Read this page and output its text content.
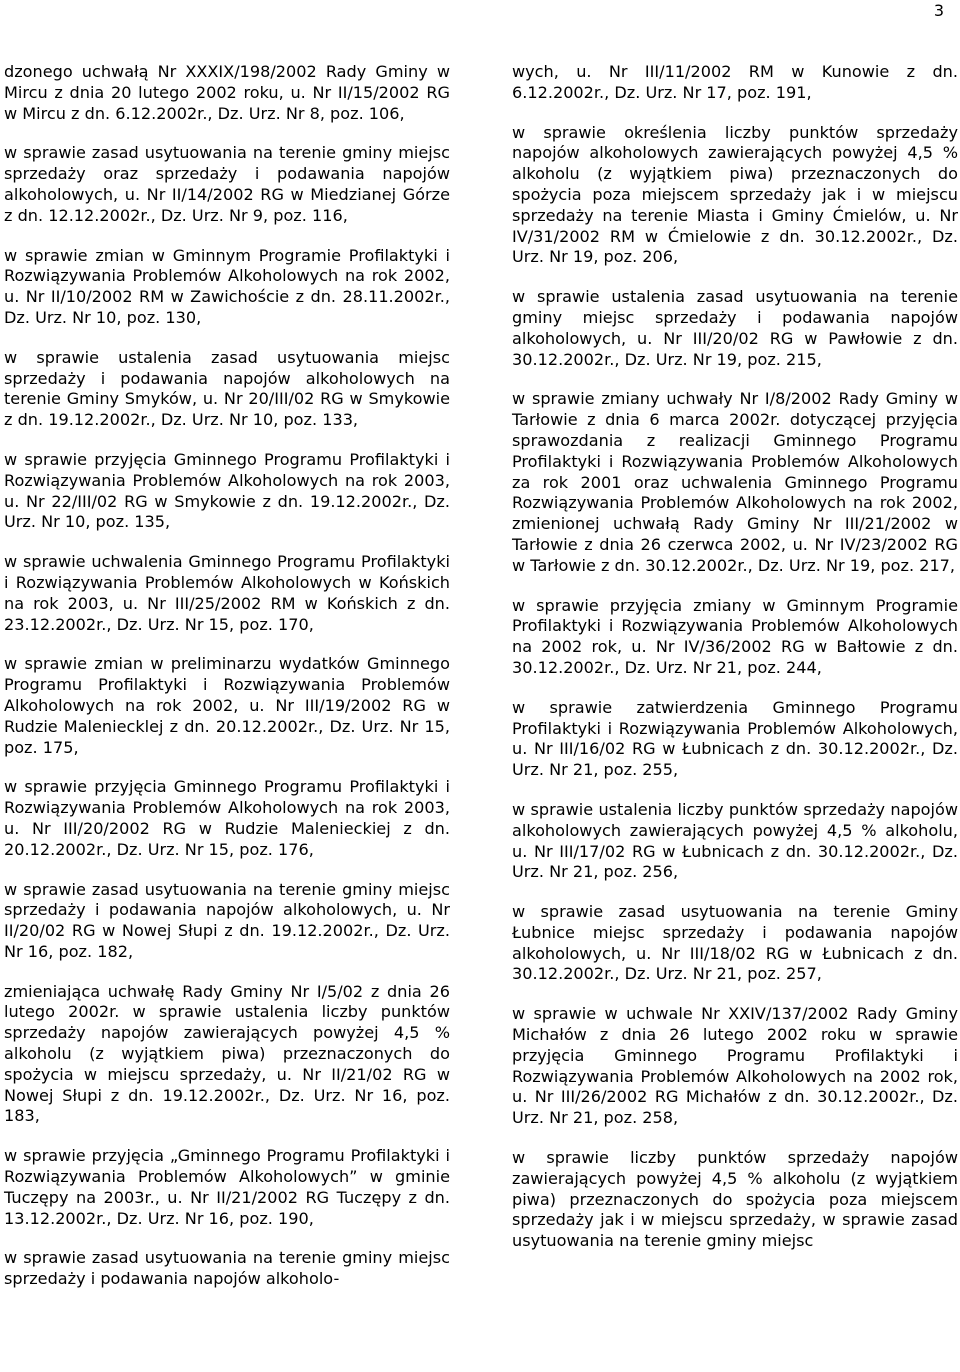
3

dzonego uchwałą Nr XXXIX/198/2002 Rady Gminy w Mircu z dnia 20 lutego 2002 roku, u. Nr II/15/2002 RG w Mircu z dn. 6.12.2002r., Dz. Urz. Nr 8, poz. 106,

w sprawie zasad usytuowania na terenie gminy miejsc sprzedaży oraz sprzedaży i podawania napojów alkoholowych, u. Nr II/14/2002 RG w Miedzianej Górze z dn. 12.12.2002r., Dz. Urz. Nr 9, poz. 116,

w sprawie zmian w Gminnym Programie Profilaktyki i Rozwiązywania Problemów Alkoholowych na rok 2002, u. Nr II/10/2002 RM w Zawichoście z dn. 28.11.2002r., Dz. Urz. Nr 10, poz. 130,

w sprawie ustalenia zasad usytuowania miejsc sprzedaży i podawania napojów alkoholowych na terenie Gminy Smyków, u. Nr 20/III/02 RG w Smykowie z dn. 19.12.2002r., Dz. Urz. Nr 10, poz. 133,

w sprawie przyjęcia Gminnego Programu Profilaktyki i Rozwiązywania Problemów Alkoholowych na rok 2003, u. Nr 22/III/02 RG w Smykowie z dn. 19.12.2002r., Dz. Urz. Nr 10, poz. 135,

w sprawie uchwalenia Gminnego Programu Profilaktyki i Rozwiązywania Problemów Alkoholowych w Końskich na rok 2003, u. Nr III/25/2002 RM w Końskich z dn. 23.12.2002r., Dz. Urz. Nr 15, poz. 170,

w sprawie zmian w preliminarzu wydatków Gminnego Programu Profilaktyki i Rozwiązywania Problemów Alkoholowych na rok 2002, u. Nr III/19/2002 RG w Rudzie Maleniecklej z dn. 20.12.2002r., Dz. Urz. Nr 15, poz. 175,

w sprawie przyjęcia Gminnego Programu Profilaktyki i Rozwiązywania Problemów Alkoholowych na rok 2003, u. Nr III/20/2002 RG w Rudzie Malenieckiej z dn. 20.12.2002r., Dz. Urz. Nr 15, poz. 176,

w sprawie zasad usytuowania na terenie gminy miejsc sprzedaży i podawania napojów alkoholowych, u. Nr II/20/02 RG w Nowej Słupi z dn. 19.12.2002r., Dz. Urz. Nr 16, poz. 182,

zmieniająca uchwałę Rady Gminy Nr I/5/02 z dnia 26 lutego 2002r. w sprawie ustalenia liczby punktów sprzedaży napojów zawierających powyżej 4,5 % alkoholu (z wyjątkiem piwa) przeznaczonych do spożycia w miejscu sprzedaży, u. Nr II/21/02 RG w Nowej Słupi z dn. 19.12.2002r., Dz. Urz. Nr 16, poz. 183,

w sprawie przyjęcia „Gminnego Programu Profilaktyki i Rozwiązywania Problemów Alkoholowych” w gminie Tuczępy na 2003r., u. Nr II/21/2002 RG Tuczępy z dn. 13.12.2002r., Dz. Urz. Nr 16, poz. 190,

w sprawie zasad usytuowania na terenie gminy miejsc sprzedaży i podawania napojów alkoholo-

wych, u. Nr III/11/2002 RM w Kunowie z dn. 6.12.2002r., Dz. Urz. Nr 17, poz. 191,

w sprawie określenia liczby punktów sprzedaży napojów alkoholowych zawierających powyżej 4,5 % alkoholu (z wyjątkiem piwa) przeznaczonych do spożycia poza miejscem sprzedaży jak i w miejscu sprzedaży na terenie Miasta i Gminy Ćmielów, u. Nr IV/31/2002 RM w Ćmielowie z dn. 30.12.2002r., Dz. Urz. Nr 19, poz. 206,

w sprawie ustalenia zasad usytuowania na terenie gminy miejsc sprzedaży i podawania napojów alkoholowych, u. Nr III/20/02 RG w Pawłowie z dn. 30.12.2002r., Dz. Urz. Nr 19, poz. 215,

w sprawie zmiany uchwały Nr I/8/2002 Rady Gminy w Tarłowie z dnia 6 marca 2002r. dotyczącej przyjęcia sprawozdania z realizacji Gminnego Programu Profilaktyki i Rozwiązywania Problemów Alkoholowych za rok 2001 oraz uchwalenia Gminnego Programu Rozwiązywania Problemów Alkoholowych na rok 2002, zmienionej uchwałą Rady Gminy Nr III/21/2002 w Tarłowie z dnia 26 czerwca 2002, u. Nr IV/23/2002 RG w Tarłowie z dn. 30.12.2002r., Dz. Urz. Nr 19, poz. 217,

w sprawie przyjęcia zmiany w Gminnym Programie Profilaktyki i Rozwiązywania Problemów Alkoholowych na 2002 rok, u. Nr IV/36/2002 RG w Bałtowie z dn. 30.12.2002r., Dz. Urz. Nr 21, poz. 244,

w sprawie zatwierdzenia Gminnego Programu Profilaktyki i Rozwiązywania Problemów Alkoholowych, u. Nr III/16/02 RG w Łubnicach z dn. 30.12.2002r., Dz. Urz. Nr 21, poz. 255,

w sprawie ustalenia liczby punktów sprzedaży napojów alkoholowych zawierających powyżej 4,5 % alkoholu, u. Nr III/17/02 RG w Łubnicach z dn. 30.12.2002r., Dz. Urz. Nr 21, poz. 256,

w sprawie zasad usytuowania na terenie Gminy Łubnice miejsc sprzedaży i podawania napojów alkoholowych, u. Nr III/18/02 RG w Łubnicach z dn. 30.12.2002r., Dz. Urz. Nr 21, poz. 257,

w sprawie w uchwale Nr XXIV/137/2002 Rady Gminy Michałów z dnia 26 lutego 2002 roku w sprawie przyjęcia Gminnego Programu Profilaktyki i Rozwiązywania Problemów Alkoholowych na 2002 rok, u. Nr III/26/2002 RG Michałów z dn. 30.12.2002r., Dz. Urz. Nr 21, poz. 258,

w sprawie liczby punktów sprzedaży napojów zawierających powyżej 4,5 % alkoholu (z wyjątkiem piwa) przeznaczonych do spożycia poza miejscem sprzedaży jak i w miejscu sprzedaży, w sprawie zasad usytuowania na terenie gminy miejsc
